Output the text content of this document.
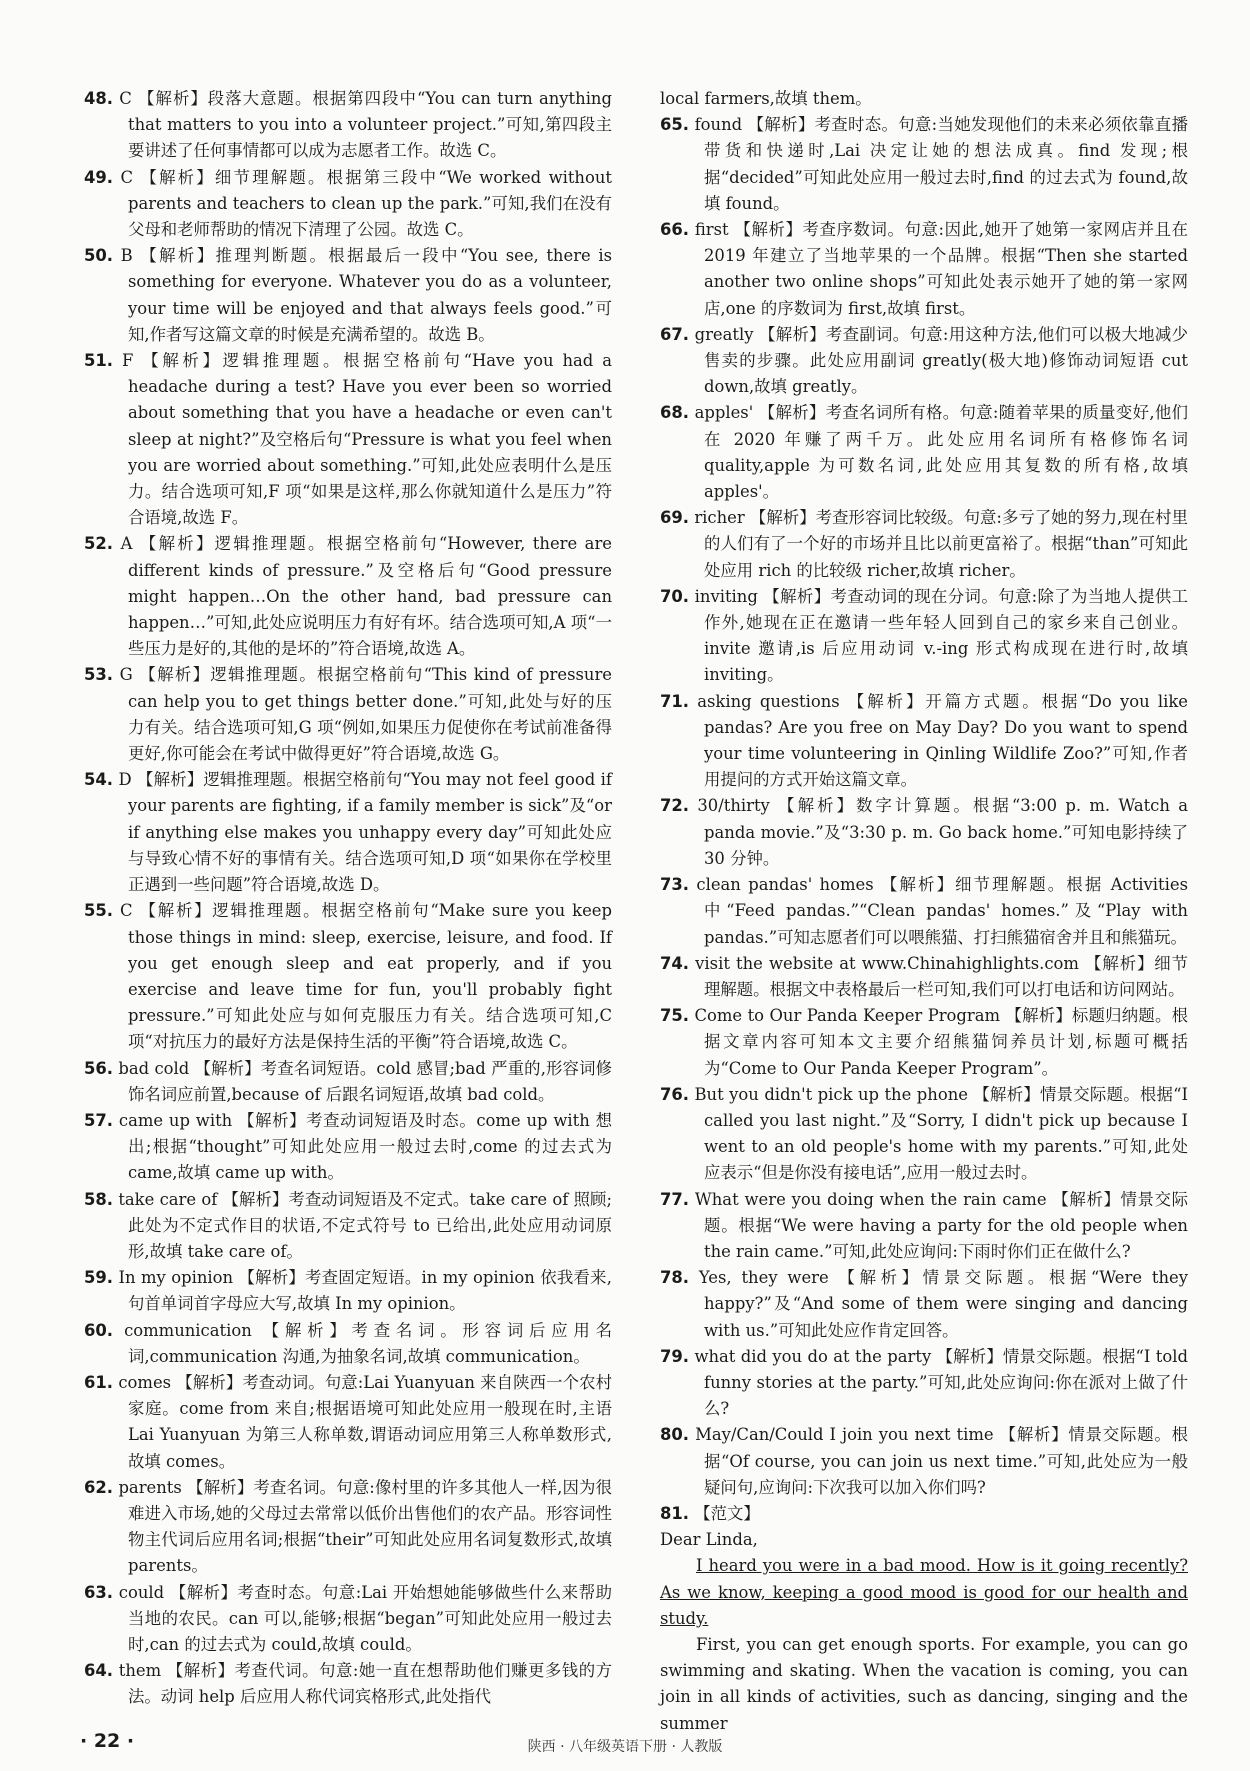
48. C 【解析】段落大意题。根据第四段中“You can turn anything that matters to you into a volunteer project.”可知,第四段主要讲述了任何事情都可以成为志愿者工作。故选 C。

49. C 【解析】细节理解题。根据第三段中“We worked without parents and teachers to clean up the park.”可知,我们在没有父母和老师帮助的情况下清理了公园。故选 C。

50. B 【解析】推理判断题。根据最后一段中“You see, there is something for everyone. Whatever you do as a volunteer, your time will be enjoyed and that always feels good.”可知,作者写这篇文章的时候是充满希望的。故选 B。

51. F 【解析】逻辑推理题。根据空格前句“Have you had a headache during a test? Have you ever been so worried about something that you have a headache or even can't sleep at night?”及空格后句“Pressure is what you feel when you are worried about something.”可知,此处应表明什么是压力。结合选项可知,F 项“如果是这样,那么你就知道什么是压力”符合语境,故选 F。

52. A 【解析】逻辑推理题。根据空格前句“However, there are different kinds of pressure.”及空格后句“Good pressure might happen…On the other hand, bad pressure can happen…”可知,此处应说明压力有好有坏。结合选项可知,A 项“一些压力是好的,其他的是坏的”符合语境,故选 A。

53. G 【解析】逻辑推理题。根据空格前句“This kind of pressure can help you to get things better done.”可知,此处与好的压力有关。结合选项可知,G 项“例如,如果压力促使你在考试前准备得更好,你可能会在考试中做得更好”符合语境,故选 G。

54. D 【解析】逻辑推理题。根据空格前句“You may not feel good if your parents are fighting, if a family member is sick”及“or if anything else makes you unhappy every day”可知此处应与导致心情不好的事情有关。结合选项可知,D 项“如果你在学校里正遇到一些问题”符合语境,故选 D。

55. C 【解析】逻辑推理题。根据空格前句“Make sure you keep those things in mind: sleep, exercise, leisure, and food. If you get enough sleep and eat properly, and if you exercise and leave time for fun, you'll probably fight pressure.”可知此处应与如何克服压力有关。结合选项可知,C 项“对抗压力的最好方法是保持生活的平衡”符合语境,故选 C。

56. bad cold 【解析】考查名词短语。cold 感冒;bad 严重的,形容词修饰名词应前置,because of 后跟名词短语,故填 bad cold。

57. came up with 【解析】考查动词短语及时态。come up with 想出;根据“thought”可知此处应用一般过去时,come 的过去式为 came,故填 came up with。

58. take care of 【解析】考查动词短语及不定式。take care of 照顾;此处为不定式作目的状语,不定式符号 to 已给出,此处应用动词原形,故填 take care of。

59. In my opinion 【解析】考查固定短语。in my opinion 依我看来,句首单词首字母应大写,故填 In my opinion。

60. communication 【解析】考查名词。形容词后应用名词,communication 沟通,为抽象名词,故填 communication。

61. comes 【解析】考查动词。句意:Lai Yuanyuan 来自陕西一个农村家庭。come from 来自;根据语境可知此处应用一般现在时,主语 Lai Yuanyuan 为第三人称单数,谓语动词应用第三人称单数形式,故填 comes。

62. parents 【解析】考查名词。句意:像村里的许多其他人一样,因为很难进入市场,她的父母过去常常以低价出售他们的农产品。形容词性物主代词后应用名词;根据“their”可知此处应用名词复数形式,故填 parents。

63. could 【解析】考查时态。句意:Lai 开始想她能够做些什么来帮助当地的农民。can 可以,能够;根据“began”可知此处应用一般过去时,can 的过去式为 could,故填 could。

64. them 【解析】考查代词。句意:她一直在想帮助他们赚更多钱的方法。动词 help 后应用人称代词宾格形式,此处指代

local farmers,故填 them。

65. found 【解析】考查时态。句意:当她发现他们的未来必须依靠直播带货和快递时,Lai 决定让她的想法成真。find 发现;根据“decided”可知此处应用一般过去时,find 的过去式为 found,故填 found。

66. first 【解析】考查序数词。句意:因此,她开了她第一家网店并且在 2019 年建立了当地苹果的一个品牌。根据“Then she started another two online shops”可知此处表示她开了她的第一家网店,one 的序数词为 first,故填 first。

67. greatly 【解析】考查副词。句意:用这种方法,他们可以极大地减少售卖的步骤。此处应用副词 greatly(极大地)修饰动词短语 cut down,故填 greatly。

68. apples' 【解析】考查名词所有格。句意:随着苹果的质量变好,他们在 2020 年赚了两千万。此处应用名词所有格修饰名词 quality,apple 为可数名词,此处应用其复数的所有格,故填 apples'。

69. richer 【解析】考查形容词比较级。句意:多亏了她的努力,现在村里的人们有了一个好的市场并且比以前更富裕了。根据“than”可知此处应用 rich 的比较级 richer,故填 richer。

70. inviting 【解析】考查动词的现在分词。句意:除了为当地人提供工作外,她现在正在邀请一些年轻人回到自己的家乡来自己创业。invite 邀请,is 后应用动词 v.-ing 形式构成现在进行时,故填 inviting。

71. asking questions 【解析】开篇方式题。根据“Do you like pandas? Are you free on May Day? Do you want to spend your time volunteering in Qinling Wildlife Zoo?”可知,作者用提问的方式开始这篇文章。

72. 30/thirty 【解析】数字计算题。根据“3:00 p. m. Watch a panda movie.”及“3:30 p. m. Go back home.”可知电影持续了 30 分钟。

73. clean pandas' homes 【解析】细节理解题。根据 Activities 中“Feed pandas.”“Clean pandas' homes.”及“Play with pandas.”可知志愿者们可以喂熊猫、打扫熊猫宿舍并且和熊猫玩。

74. visit the website at www.Chinahighlights.com 【解析】细节理解题。根据文中表格最后一栏可知,我们可以打电话和访问网站。

75. Come to Our Panda Keeper Program 【解析】标题归纳题。根据文章内容可知本文主要介绍熊猫饲养员计划,标题可概括为“Come to Our Panda Keeper Program”。

76. But you didn't pick up the phone 【解析】情景交际题。根据“I called you last night.”及“Sorry, I didn't pick up because I went to an old people's home with my parents.”可知,此处应表示“但是你没有接电话”,应用一般过去时。

77. What were you doing when the rain came 【解析】情景交际题。根据“We were having a party for the old people when the rain came.”可知,此处应询问:下雨时你们正在做什么?

78. Yes, they were 【解析】情景交际题。根据“Were they happy?”及“And some of them were singing and dancing with us.”可知此处应作肯定回答。

79. what did you do at the party 【解析】情景交际题。根据“I told funny stories at the party.”可知,此处应询问:你在派对上做了什么?

80. May/Can/Could I join you next time 【解析】情景交际题。根据“Of course, you can join us next time.”可知,此处应为一般疑问句,应询问:下次我可以加入你们吗?

81. 【范文】

Dear Linda,

I heard you were in a bad mood. How is it going recently? As we know, keeping a good mood is good for our health and study.

First, you can get enough sports. For example, you can go swimming and skating. When the vacation is coming, you can join in all kinds of activities, such as dancing, singing and the summer

· 22 ·	陕西 · 八年级英语下册 · 人教版
